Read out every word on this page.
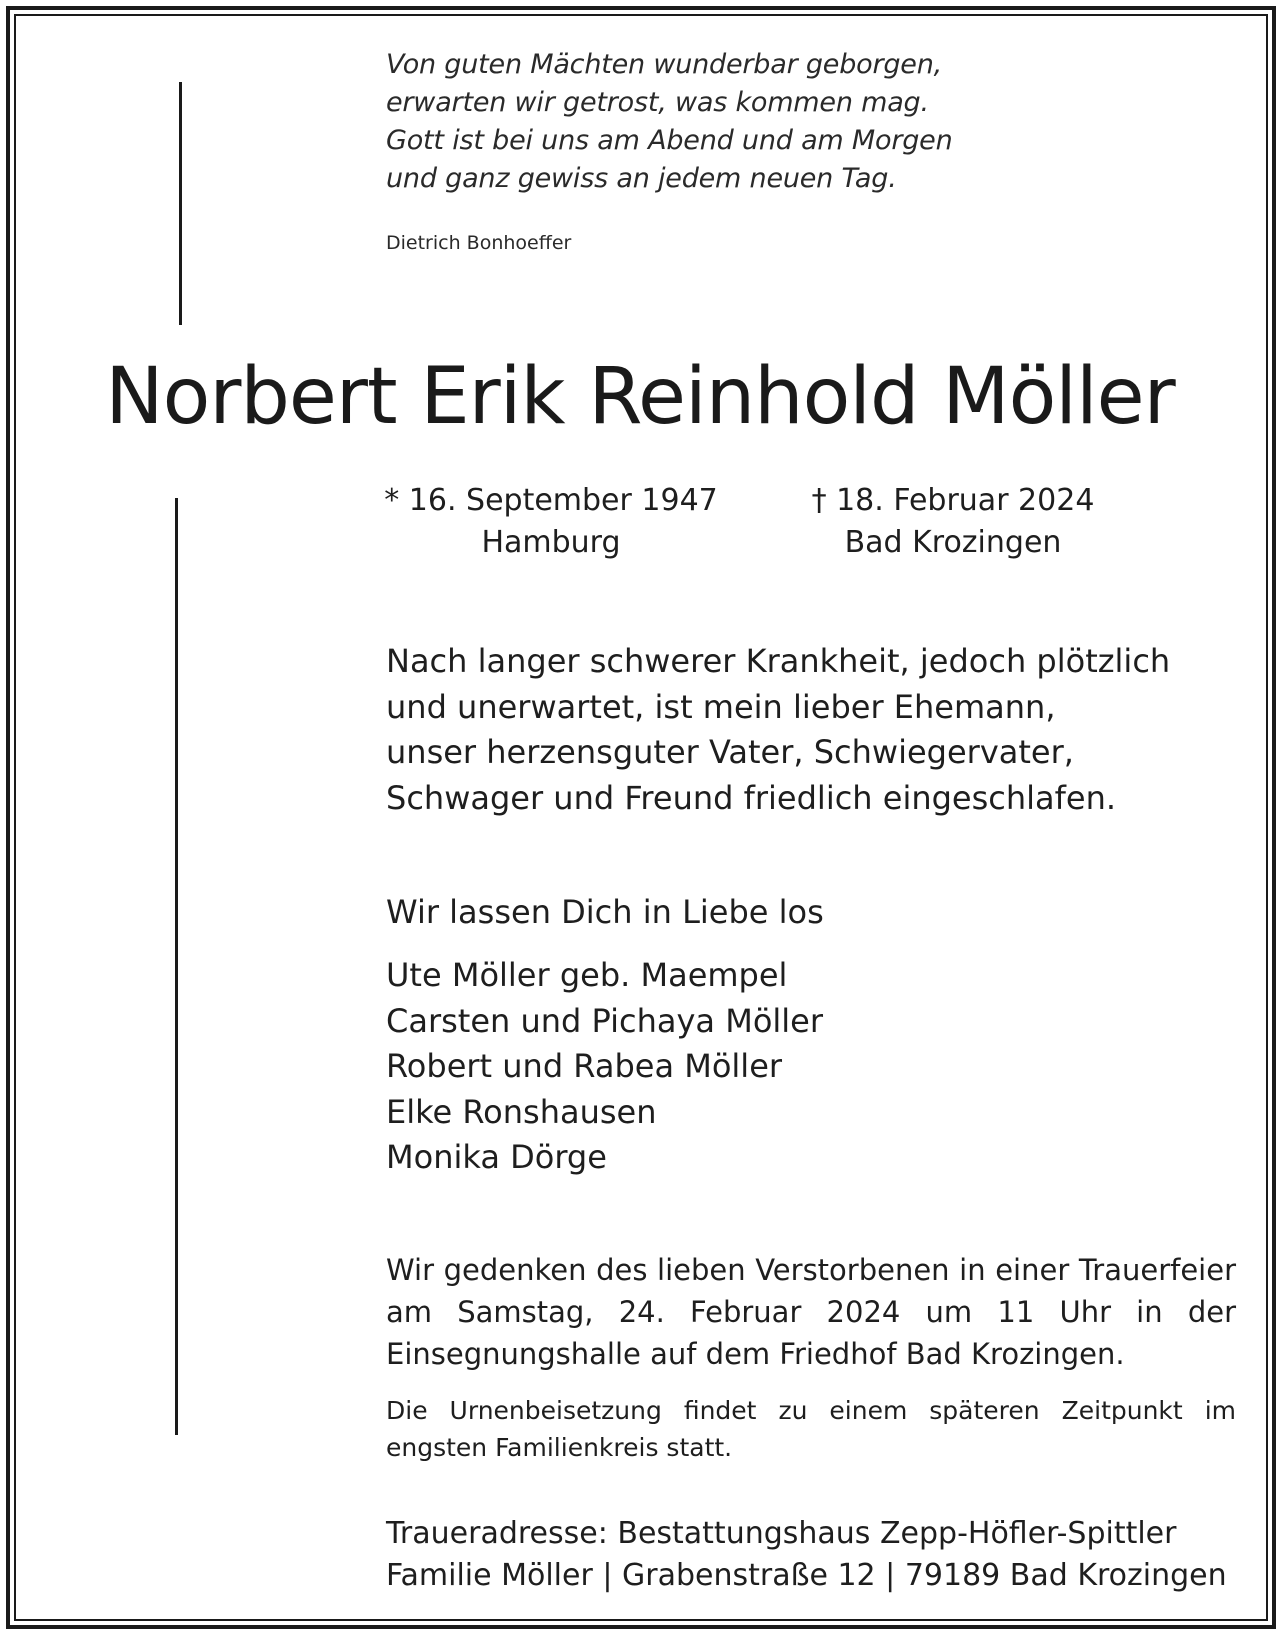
Von guten Mächten wunderbar geborgen,
erwarten wir getrost, was kommen mag.
Gott ist bei uns am Abend und am Morgen
und ganz gewiss an jedem neuen Tag.
Dietrich Bonhoeffer
Norbert Erik Reinhold Möller
* 16. September 1947
Hamburg
† 18. Februar 2024
Bad Krozingen
Nach langer schwerer Krankheit, jedoch plötzlich
und unerwartet, ist mein lieber Ehemann,
unser herzensguter Vater, Schwiegervater,
Schwager und Freund friedlich eingeschlafen.
Wir lassen Dich in Liebe los
Ute Möller geb. Maempel
Carsten und Pichaya Möller
Robert und Rabea Möller
Elke Ronshausen
Monika Dörge
Wir gedenken des lieben Verstorbenen in einer Trauerfeier am Samstag, 24. Februar 2024 um 11 Uhr in der Einsegnungshalle auf dem Friedhof Bad Krozingen.
Die Urnenbeisetzung findet zu einem späteren Zeitpunkt im engsten Familienkreis statt.
Traueradresse: Bestattungshaus Zepp-Höfler-Spittler
Familie Möller | Grabenstraße 12 | 79189 Bad Krozingen
